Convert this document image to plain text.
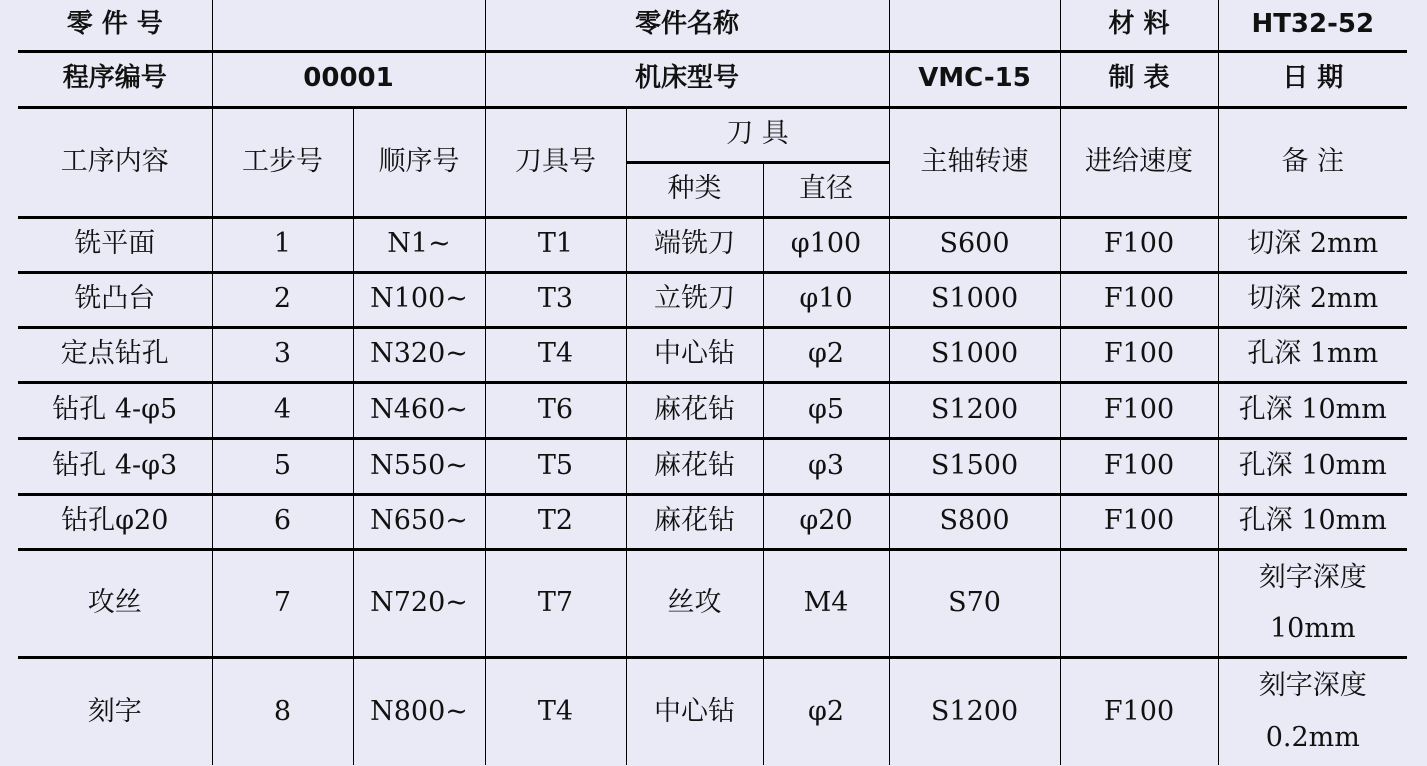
零 件 号			零件名称				材 料	HT32-52
程序编号	00001		机床型号			VMC-15	制 表	日 期
工序内容	工步号	顺序号	刀具号	刀 具		主轴转速	进给速度	备 注
				种类	直径			
铣平面	1	N1~	T1	端铣刀	φ100	S600	F100	切深 2mm
铣凸台	2	N100~	T3	立铣刀	φ10	S1000	F100	切深 2mm
定点钻孔	3	N320~	T4	中心钻	φ2	S1000	F100	孔深 1mm
钻孔 4-φ5	4	N460~	T6	麻花钻	φ5	S1200	F100	孔深 10mm
钻孔 4-φ3	5	N550~	T5	麻花钻	φ3	S1500	F100	孔深 10mm
钻孔φ20	6	N650~	T2	麻花钻	φ20	S800	F100	孔深 10mm
攻丝	7	N720~	T7	丝攻	M4	S70		刻字深度
10mm

刻字	8	N800~	T4	中心钻	φ2	S1200	F100	刻字深度
0.2mm
